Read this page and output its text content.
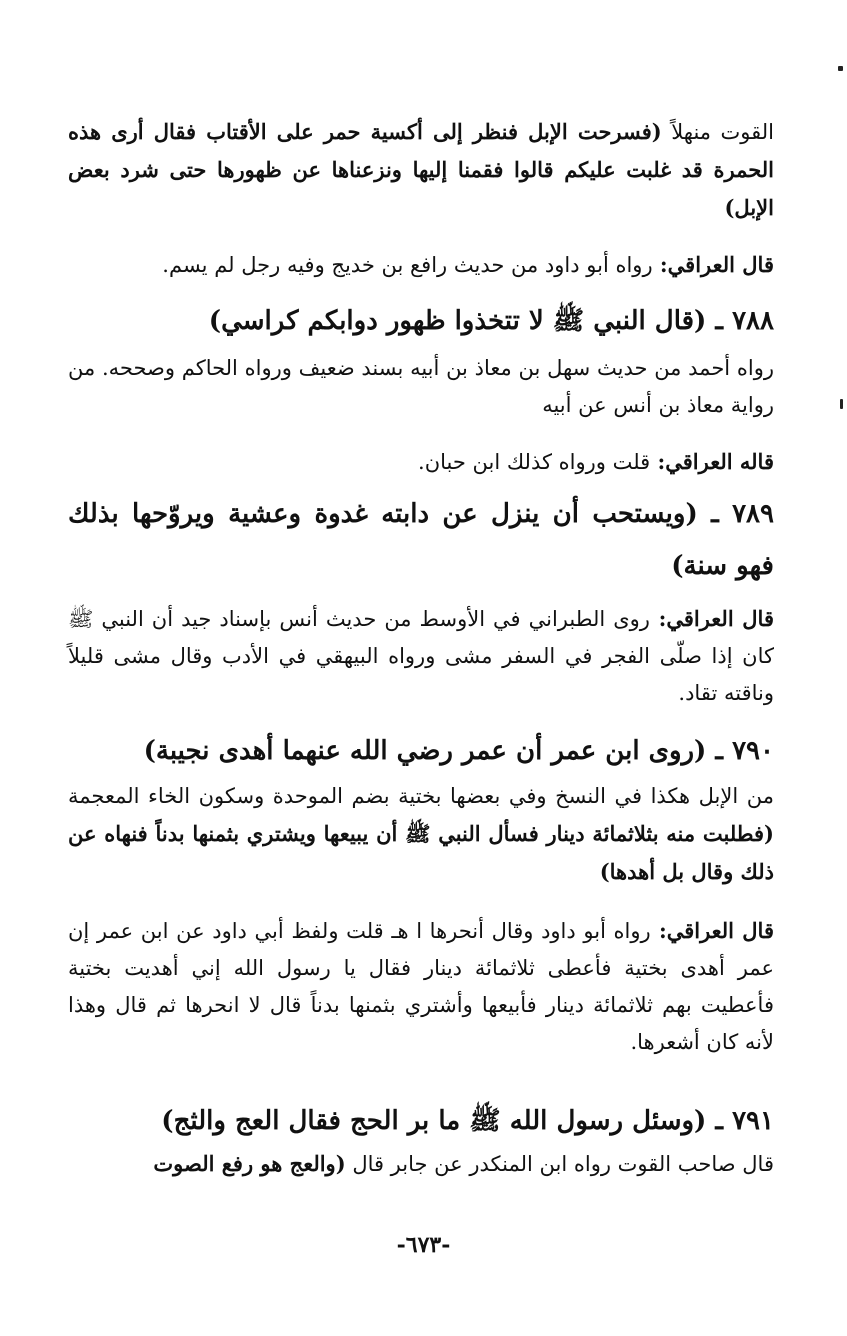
القوت منهلاً (فسرحت الإبل فنظر إلى أكسية حمر على الأقتاب فقال أرى هذه الحمرة قد غلبت عليكم قالوا فقمنا إليها ونزعناها عن ظهورها حتى شرد بعض الإبل)

قال العراقي: رواه أبو داود من حديث رافع بن خديج وفيه رجل لم يسم.

٧٨٨ ـ (قال النبي ﷺ لا تتخذوا ظهور دوابكم كراسي)

رواه أحمد من حديث سهل بن معاذ بن أبيه بسند ضعيف ورواه الحاكم وصححه. من رواية معاذ بن أنس عن أبيه

قاله العراقي: قلت ورواه كذلك ابن حبان.

٧٨٩ ـ (ويستحب أن ينزل عن دابته غدوة وعشية ويروّحها بذلك فهو سنة)

قال العراقي: روى الطبراني في الأوسط من حديث أنس بإسناد جيد أن النبي ﷺ كان إذا صلّى الفجر في السفر مشى ورواه البيهقي في الأدب وقال مشى قليلاً وناقته تقاد.

٧٩٠ ـ (روى ابن عمر أن عمر رضي الله عنهما أهدى نجيبة)

من الإبل هكذا في النسخ وفي بعضها بختية بضم الموحدة وسكون الخاء المعجمة (فطلبت منه بثلاثمائة دينار فسأل النبي ﷺ أن يبيعها ويشتري بثمنها بدناً فنهاه عن ذلك وقال بل أهدها)

قال العراقي: رواه أبو داود وقال أنحرها ا هـ قلت ولفظ أبي داود عن ابن عمر إن عمر أهدى بختية فأعطى ثلاثمائة دينار فقال يا رسول الله إني أهديت بختية فأعطيت بهم ثلاثمائة دينار فأبيعها وأشتري بثمنها بدناً قال لا انحرها ثم قال وهذا لأنه كان أشعرها.

٧٩١ ـ (وسئل رسول الله ﷺ ما بر الحج فقال العج والثج)

قال صاحب القوت رواه ابن المنكدر عن جابر قال (والعج هو رفع الصوت

-٦٧٣-
